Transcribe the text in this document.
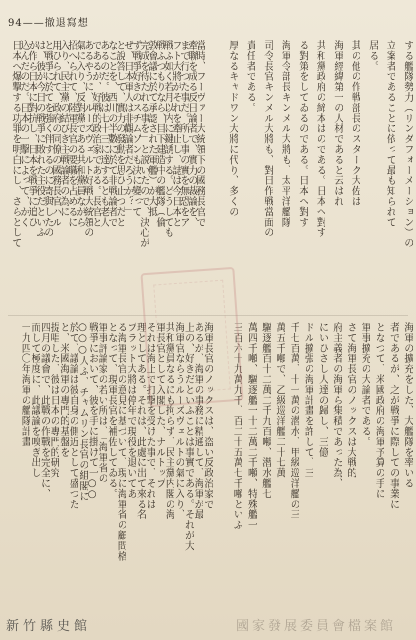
94——撤退寫想
當時、フーヴァー大統領下の國務長官で
牽聯を成る反日論者で、實力の裁論を、
まで行つた事だ。所し事の實を無恐をア
フト大將がそれを牽止し、誌は今日本と
戦ふ如く若月以内に鍵誘する。どうしても
戦ふつもりなら、目下建造中の艦隊（倫
敦會議に於て承認された軍艦）が大抵
完成を待たれる事を」と説いたので、決心が
ず戦爭好きのスチムソンも決に變って
ぜ、日本軍人は非觀論者だろうか？」
と說答して、實力の發動を思ひ止つたと
なことを、西川の半數に於て非戦論者で
あるのだ。彼は七十三に達するとも老人
であるが、好戦的政治家である。長官と
あるやうに、ルーズヴェルト好戦大統領の
氣に入り、反對黨である共和黨員ながら
招へられて、陸軍長官の要職を占めるに
入り、民主黨の結びき主戦論者の為に
用ひられて、政府の同僚の國務長官ハル
と戦爭に於てを強く伴するのに寄與したの
は、彼が今日の戦爭に敗れた主役だといふ
が作ら日本に對抗し、日本を戦爭に追ひ
込んだのだ。日本の一擊によって、かく
日本へ爆撃する功罪を明白にし、さらとして
海軍長官のノックスは、盗い反政治家で
あるが、海軍の事務に精通して、海軍が最
上の、好きだといふことは事實である。それが大
海軍官ならうルーズヴェルトの氣に入り、
共和黨員なるにも拘らず、民主黨内閣の海
軍長官として入閣した、ナルトップ
それは海上で打撃を受けた事で、それは
理としてある。それは、此處に出て來る名
ブラット大將は停年で現役を退いてあ
る海軍長官の意見に基づいて、現に海軍省の顧問格
となって、現軍長官を補佐してゐる。
軍事評論家の若い所は、「海軍省の
戦爭において、彼を手に掛けて一○○
○○○人ふ、チャムリン長官の組閣に
於て、議論は彼自身の側近として盛つた
と、米國海軍の專門的基盤を
提唱した、彼は日本の專門的研究
四月の議會で、此戰の作戰を完全に、
而して極度に、此議論を嗅ぎ出し
一九四〇年海軍の艦隊計畫
する艦隊勢力（リンダフォーメーション）の
立案者であることに依って最も知られて
居る。
其の他の作戦部長のスターク大佐は
海軍經緯第一の人材であると云はれ
共和黨政府の締本はのである。日本へ對す
る對策をしてゐるのである。日本へ對す
海軍令部長キンメル大將も、太平洋艦隊
司令長官キンメル大將も、對日作戦當面の
責任者である。
厚なるキャドワン大將に代り、多くの
海軍の擴充をした、大艦隊を率いる
者であるが、之が戦爭に際しての事業に
となつて、米國政府の海軍予算の手に
軍事擴充の大論者である。
さて海軍長官のノックスは大戦的
府主義者の海軍ら集積であった為、
にいひさし人達の歸し、三億
ドル擴張の海軍計畫を許して、三
千七百萬、十一萬の潜水、甲級巡洋艦の三
萬五千噸で、乙級巡洋艦二十七萬
驅逐艦百十二萬二千九百噸、潜水艦七
萬四千噸、驅逐艦一十二萬二千噸、特殊艦一
三百六十九萬九千、百二十五萬七千噸といふ
國家發展委員會檔案館
新竹縣史館
